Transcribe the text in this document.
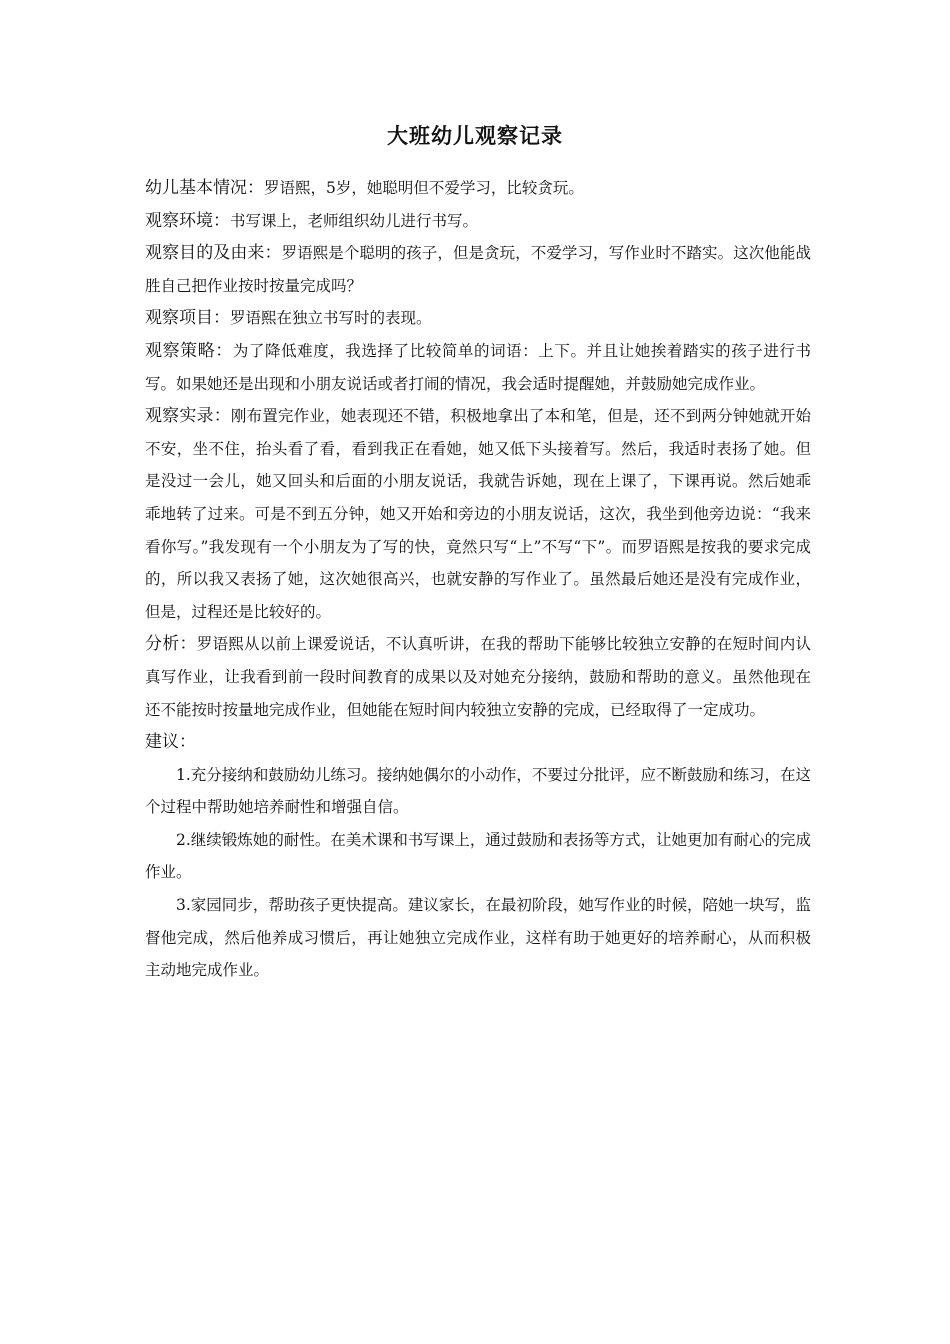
大班幼儿观察记录

幼儿基本情况：罗语熙，5岁，她聪明但不爱学习，比较贪玩。

观察环境：书写课上，老师组织幼儿进行书写。

观察目的及由来：罗语熙是个聪明的孩子，但是贪玩，不爱学习，写作业时不踏实。这次他能战胜自己把作业按时按量完成吗？

观察项目：罗语熙在独立书写时的表现。

观察策略：为了降低难度，我选择了比较简单的词语：上下。并且让她挨着踏实的孩子进行书写。如果她还是出现和小朋友说话或者打闹的情况，我会适时提醒她，并鼓励她完成作业。

观察实录：刚布置完作业，她表现还不错，积极地拿出了本和笔，但是，还不到两分钟她就开始不安，坐不住，抬头看了看，看到我正在看她，她又低下头接着写。然后，我适时表扬了她。但是没过一会儿，她又回头和后面的小朋友说话，我就告诉她，现在上课了，下课再说。然后她乖乖地转了过来。可是不到五分钟，她又开始和旁边的小朋友说话，这次，我坐到他旁边说：“我来看你写。”我发现有一个小朋友为了写的快，竟然只写“上”不写“下”。而罗语熙是按我的要求完成的，所以我又表扬了她，这次她很高兴，也就安静的写作业了。虽然最后她还是没有完成作业，但是，过程还是比较好的。

分析：罗语熙从以前上课爱说话，不认真听讲，在我的帮助下能够比较独立安静的在短时间内认真写作业，让我看到前一段时间教育的成果以及对她充分接纳，鼓励和帮助的意义。虽然他现在还不能按时按量地完成作业，但她能在短时间内较独立安静的完成，已经取得了一定成功。

建议：

1.充分接纳和鼓励幼儿练习。接纳她偶尔的小动作，不要过分批评，应不断鼓励和练习，在这个过程中帮助她培养耐性和增强自信。

2.继续锻炼她的耐性。在美术课和书写课上，通过鼓励和表扬等方式，让她更加有耐心的完成作业。

3.家园同步，帮助孩子更快提高。建议家长，在最初阶段，她写作业的时候，陪她一块写，监督他完成，然后他养成习惯后，再让她独立完成作业，这样有助于她更好的培养耐心，从而积极主动地完成作业。
